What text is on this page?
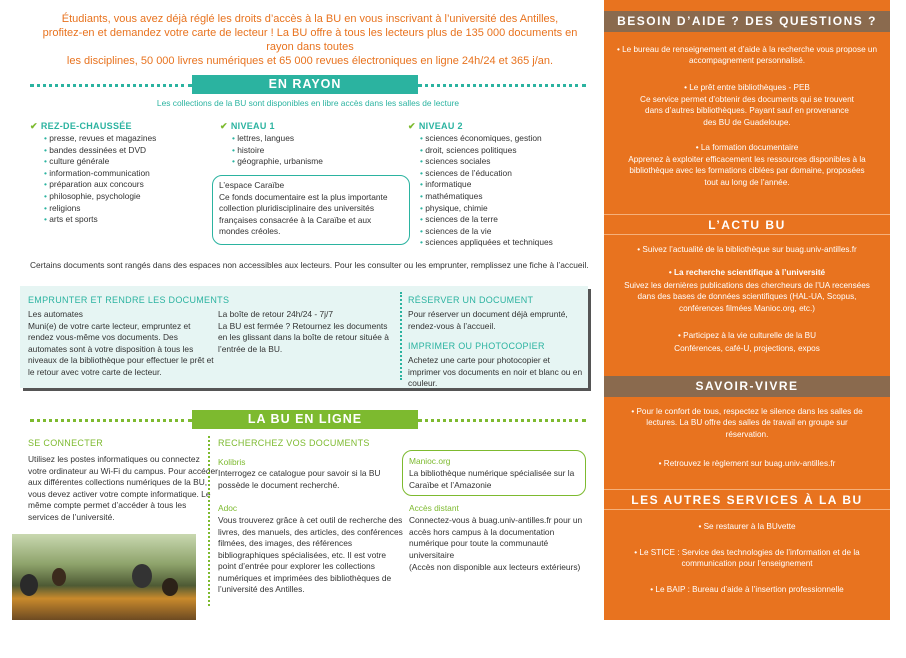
Étudiants, vous avez déjà réglé les droits d’accès à la BU en vous inscrivant à l’université des Antilles,
profitez-en et demandez votre carte de lecteur ! La BU offre à tous les lecteurs plus de 135 000 documents en rayon dans toutes
les disciplines, 50 000 livres numériques et 65 000 revues électroniques en ligne 24h/24 et 365 j/an.
EN RAYON
Les collections de la BU sont disponibles en libre accès dans les salles de lecture
✔ REZ-DE-CHAUSSÉE
• presse, revues et magazines
• bandes dessinées et DVD
• culture générale
• information-communication
• préparation aux concours
• philosophie, psychologie
• religions
• arts et sports
✔ NIVEAU 1
• lettres, langues
• histoire
• géographie, urbanisme
L’espace Caraïbe
Ce fonds documentaire est la plus importante collection pluridisciplinaire des universités françaises consacrée à la Caraïbe et aux mondes créoles.
✔ NIVEAU 2
• sciences économiques, gestion
• droit, sciences politiques
• sciences sociales
• sciences de l’éducation
• informatique
• mathématiques
• physique, chimie
• sciences de la terre
• sciences de la vie
• sciences appliquées et techniques
Certains documents sont rangés dans des espaces non accessibles aux lecteurs. Pour les consulter ou les emprunter, remplissez une fiche à l’accueil.
EMPRUNTER ET RENDRE LES DOCUMENTS
Les automates
Muni(e) de votre carte lecteur, empruntez et rendez vous-même vos documents. Des automates sont à votre disposition à tous les niveaux de la bibliothèque pour effectuer le prêt et le retour avec votre carte de lecteur.
La boîte de retour 24h/24 - 7j/7
La BU est fermée ? Retournez les documents en les glissant dans la boîte de retour située à l’entrée de la BU.
RÉSERVER UN DOCUMENT
Pour réserver un document déjà emprunté, rendez-vous à l’accueil.
IMPRIMER OU PHOTOCOPIER
Achetez une carte pour photocopier et imprimer vos documents en noir et blanc ou en couleur.
LA BU EN LIGNE
SE CONNECTER
Utilisez les postes informatiques ou connectez votre ordinateur au Wi-Fi du campus. Pour accéder aux différentes collections numériques de la BU, vous devez activer votre compte informatique. Le même compte permet d’accéder à tous les services de l’université.
RECHERCHEZ VOS DOCUMENTS
Kolibris
Interrogez ce catalogue pour savoir si la BU possède le document recherché.
Adoc
Vous trouverez grâce à cet outil de recherche des livres, des manuels, des articles, des conférences filmées, des images, des références bibliographiques spécialisées, etc. Il est votre point d’entrée pour explorer les collections numériques et imprimées des bibliothèques de l’université des Antilles.
Manioc.org
La bibliothèque numérique spécialisée sur la Caraïbe et l’Amazonie
Accès distant
Connectez-vous à buag.univ-antilles.fr pour un accès hors campus à la documentation numérique pour toute la communauté universitaire
(Accès non disponible aux lecteurs extérieurs)
BESOIN D’AIDE ? DES QUESTIONS ?
• Le bureau de renseignement et d’aide à la recherche vous propose un accompagnement personnalisé.
• Le prêt entre bibliothèques - PEB
Ce service permet d’obtenir des documents qui se trouvent dans d’autres bibliothèques. Payant sauf en provenance des BU de Guadeloupe.
• La formation documentaire
Apprenez à exploiter efficacement les ressources disponibles à la bibliothèque avec les formations ciblées par domaine, proposées tout au long de l’année.
L’ACTU BU
• Suivez l’actualité de la bibliothèque sur buag.univ-antilles.fr
• La recherche scientifique à l’université
Suivez les dernières publications des chercheurs de l’UA recensées dans des bases de données scientifiques (HAL-UA, Scopus, conférences filmées Manioc.org, etc.)
• Participez à la vie culturelle de la BU
Conférences, café-U, projections, expos
SAVOIR-VIVRE
• Pour le confort de tous, respectez le silence dans les salles de lectures. La BU offre des salles de travail en groupe sur réservation.
• Retrouvez le règlement sur buag.univ-antilles.fr
LES AUTRES SERVICES À LA BU
• Se restaurer à la BUvette
• Le STICE : Service des technologies de l’information et de la communication pour l’enseignement
• Le BAIP : Bureau d’aide à l’insertion professionnelle
